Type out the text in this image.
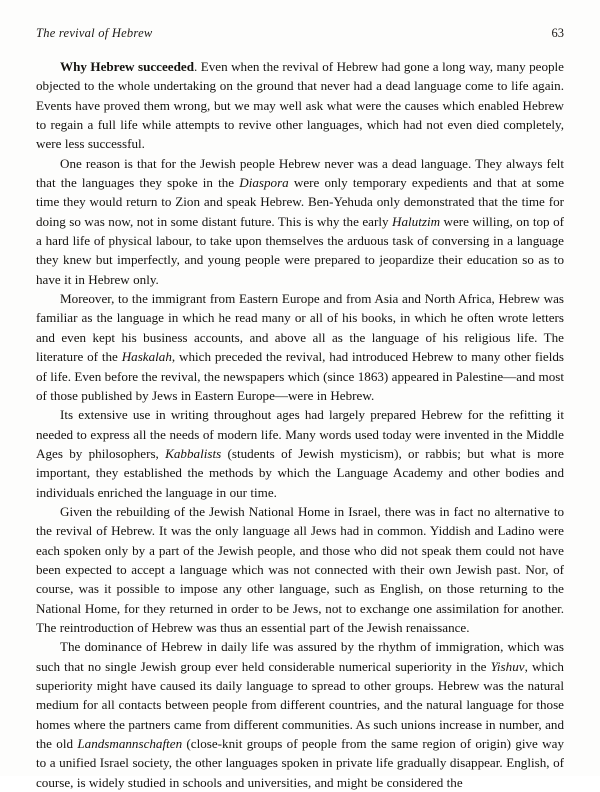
The revival of Hebrew	63

Why Hebrew succeeded. Even when the revival of Hebrew had gone a long way, many people objected to the whole undertaking on the ground that never had a dead language come to life again. Events have proved them wrong, but we may well ask what were the causes which enabled Hebrew to regain a full life while attempts to revive other languages, which had not even died completely, were less successful.

One reason is that for the Jewish people Hebrew never was a dead language. They always felt that the languages they spoke in the Diaspora were only temporary expedients and that at some time they would return to Zion and speak Hebrew. Ben-Yehuda only demonstrated that the time for doing so was now, not in some distant future. This is why the early Halutzim were willing, on top of a hard life of physical labour, to take upon themselves the arduous task of conversing in a language they knew but imperfectly, and young people were prepared to jeopardize their education so as to have it in Hebrew only.

Moreover, to the immigrant from Eastern Europe and from Asia and North Africa, Hebrew was familiar as the language in which he read many or all of his books, in which he often wrote letters and even kept his business accounts, and above all as the language of his religious life. The literature of the Haskalah, which preceded the revival, had introduced Hebrew to many other fields of life. Even before the revival, the newspapers which (since 1863) appeared in Palestine—and most of those published by Jews in Eastern Europe—were in Hebrew.

Its extensive use in writing throughout ages had largely prepared Hebrew for the refitting it needed to express all the needs of modern life. Many words used today were invented in the Middle Ages by philosophers, Kabbalists (students of Jewish mysticism), or rabbis; but what is more important, they established the methods by which the Language Academy and other bodies and individuals enriched the language in our time.

Given the rebuilding of the Jewish National Home in Israel, there was in fact no alternative to the revival of Hebrew. It was the only language all Jews had in common. Yiddish and Ladino were each spoken only by a part of the Jewish people, and those who did not speak them could not have been expected to accept a language which was not connected with their own Jewish past. Nor, of course, was it possible to impose any other language, such as English, on those returning to the National Home, for they returned in order to be Jews, not to exchange one assimilation for another. The reintroduction of Hebrew was thus an essential part of the Jewish renaissance.

The dominance of Hebrew in daily life was assured by the rhythm of immigration, which was such that no single Jewish group ever held considerable numerical superiority in the Yishuv, which superiority might have caused its daily language to spread to other groups. Hebrew was the natural medium for all contacts between people from different countries, and the natural language for those homes where the partners came from different communities. As such unions increase in number, and the old Landsmannschaften (close-knit groups of people from the same region of origin) give way to a unified Israel society, the other languages spoken in private life gradually disappear. English, of course, is widely studied in schools and universities, and might be considered the
